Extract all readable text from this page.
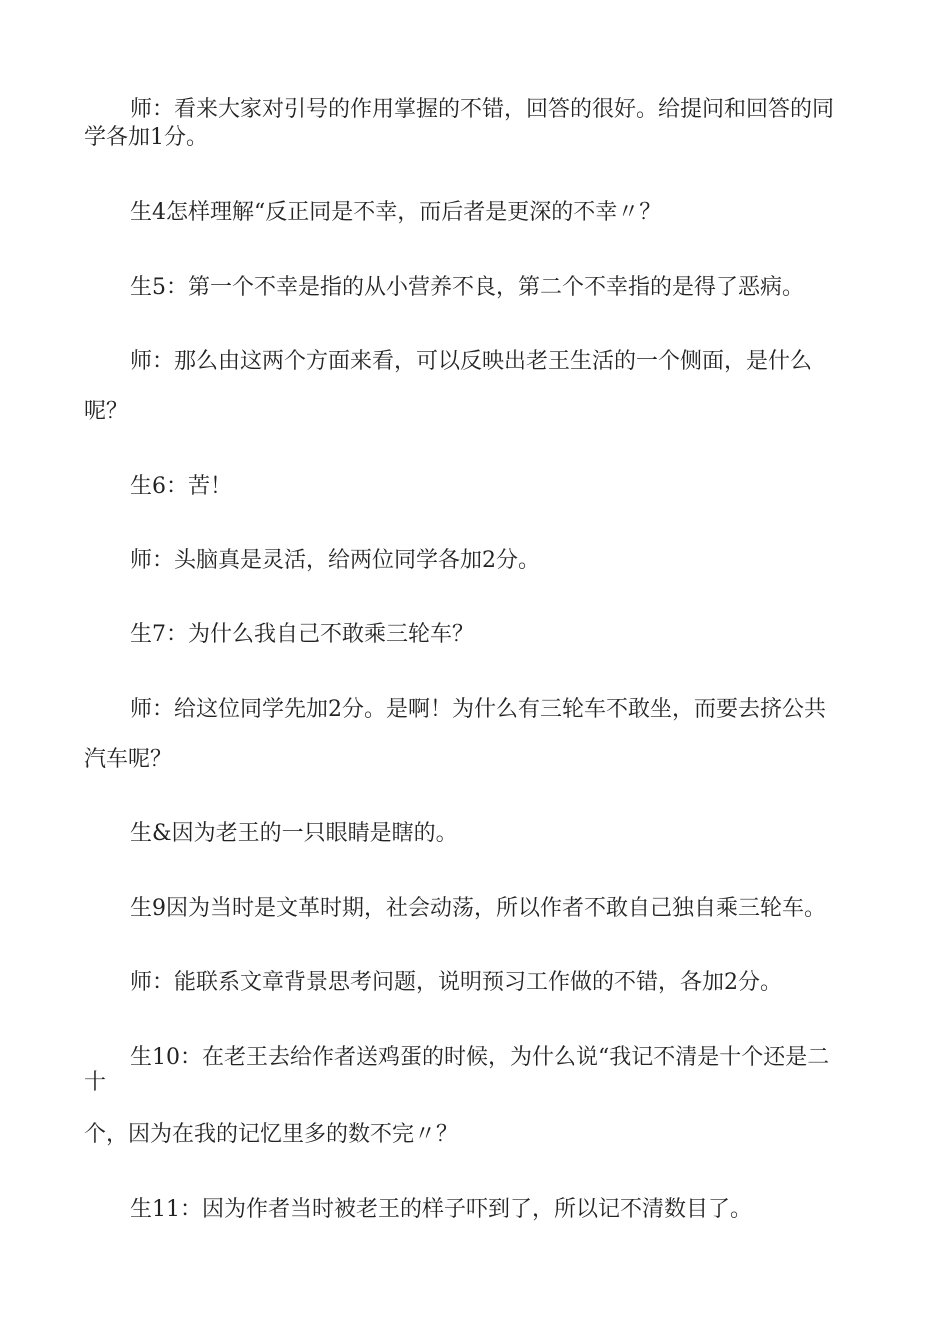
师：看来大家对引号的作用掌握的不错，回答的很好。给提问和回答的同
学各加1分。
生4怎样理解“反正同是不幸，而后者是更深的不幸〃？
生5：第一个不幸是指的从小营养不良，第二个不幸指的是得了恶病。
师：那么由这两个方面来看，可以反映出老王生活的一个侧面，是什么
呢？
生6：苦！
师：头脑真是灵活，给两位同学各加2分。
生7：为什么我自己不敢乘三轮车？
师：给这位同学先加2分。是啊！为什么有三轮车不敢坐，而要去挤公共
汽车呢？
生&因为老王的一只眼睛是瞎的。
生9因为当时是文革时期，社会动荡，所以作者不敢自己独自乘三轮车。
师：能联系文章背景思考问题，说明预习工作做的不错，各加2分。
生10：在老王去给作者送鸡蛋的时候，为什么说“我记不清是十个还是二
十
个，因为在我的记忆里多的数不完〃？
生11：因为作者当时被老王的样子吓到了，所以记不清数目了。
